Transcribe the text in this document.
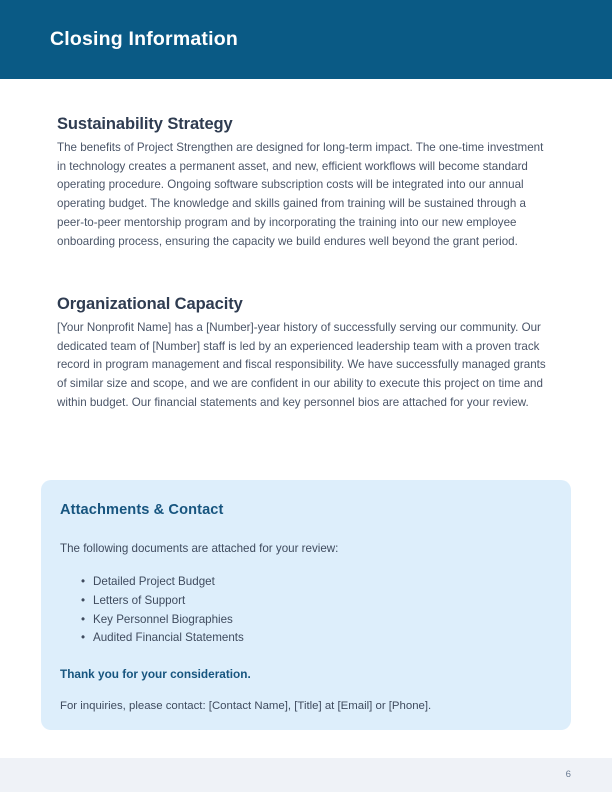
Closing Information
Sustainability Strategy

The benefits of Project Strengthen are designed for long-term impact. The one-time investment in technology creates a permanent asset, and new, efficient workflows will become standard operating procedure. Ongoing software subscription costs will be integrated into our annual operating budget. The knowledge and skills gained from training will be sustained through a peer-to-peer mentorship program and by incorporating the training into our new employee onboarding process, ensuring the capacity we build endures well beyond the grant period.

Organizational Capacity

[Your Nonprofit Name] has a [Number]-year history of successfully serving our community. Our dedicated team of [Number] staff is led by an experienced leadership team with a proven track record in program management and fiscal responsibility. We have successfully managed grants of similar size and scope, and we are confident in our ability to execute this project on time and within budget. Our financial statements and key personnel bios are attached for your review.

Attachments & Contact

The following documents are attached for your review:

• Detailed Project Budget
• Letters of Support
• Key Personnel Biographies
• Audited Financial Statements

Thank you for your consideration.

For inquiries, please contact: [Contact Name], [Title] at [Email] or [Phone].

6
